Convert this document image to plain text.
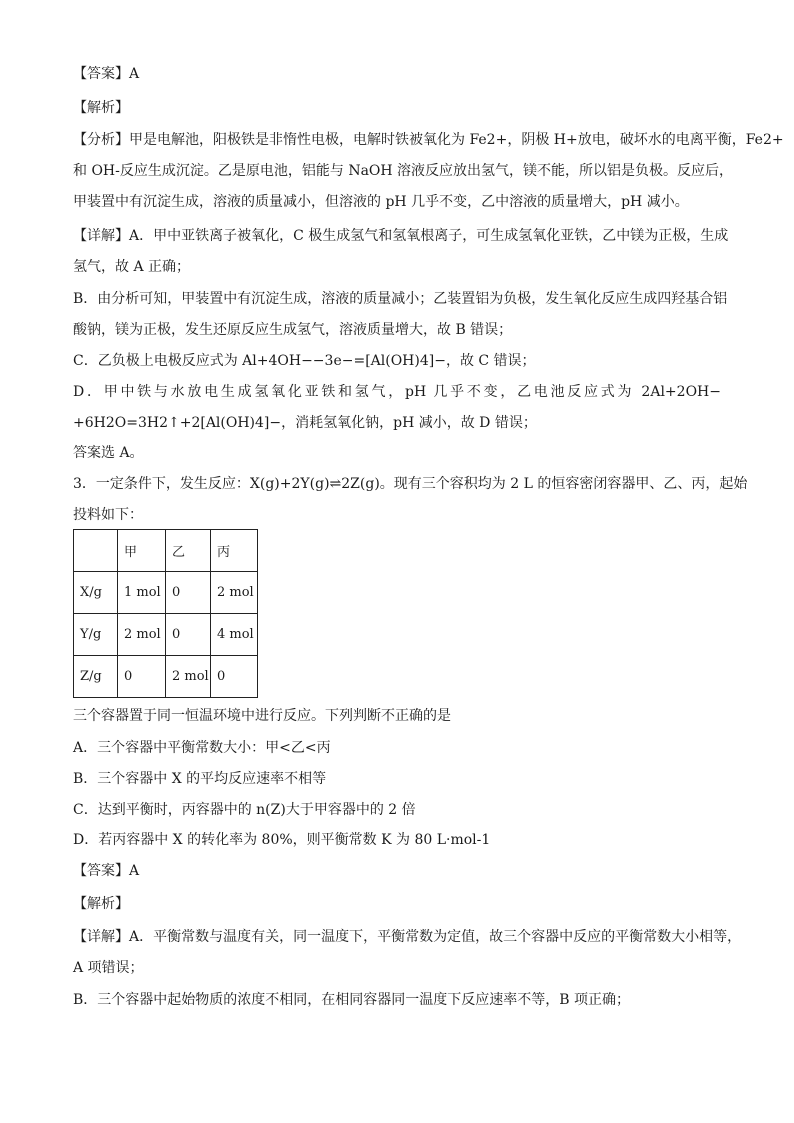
【答案】A
【解析】
【分析】甲是电解池，阳极铁是非惰性电极，电解时铁被氧化为 Fe2+，阴极 H+放电，破坏水的电离平衡，Fe2+
和 OH-反应生成沉淀。乙是原电池，铝能与 NaOH 溶液反应放出氢气，镁不能，所以铝是负极。反应后，
甲装置中有沉淀生成，溶液的质量减小，但溶液的 pH 几乎不变，乙中溶液的质量增大，pH 减小。
【详解】A．甲中亚铁离子被氧化，C 极生成氢气和氢氧根离子，可生成氢氧化亚铁，乙中镁为正极，生成
氢气，故 A 正确；
B．由分析可知，甲装置中有沉淀生成，溶液的质量减小；乙装置铝为负极，发生氧化反应生成四羟基合铝
酸钠，镁为正极，发生还原反应生成氢气，溶液质量增大，故 B 错误；
C．乙负极上电极反应式为 Al+4OH−−3e−=[Al(OH)4]−，故 C 错误；
D．甲中铁与水放电生成氢氧化亚铁和氢气，pH 几乎不变，乙电池反应式为 2Al+2OH−
+6H2O=3H2↑+2[Al(OH)4]−，消耗氢氧化钠，pH 减小，故 D 错误；
答案选 A。
3．一定条件下，发生反应：X(g)+2Y(g)⇌2Z(g)。现有三个容积均为 2 L 的恒容密闭容器甲、乙、丙，起始
投料如下：
	甲	乙	丙
X/g	1 mol	0	2 mol
Y/g	2 mol	0	4 mol
Z/g	0	2 mol	0
三个容器置于同一恒温环境中进行反应。下列判断不正确的是
A．三个容器中平衡常数大小：甲<乙<丙
B．三个容器中 X 的平均反应速率不相等
C．达到平衡时，丙容器中的 n(Z)大于甲容器中的 2 倍
D．若丙容器中 X 的转化率为 80%，则平衡常数 K 为 80 L·mol-1
【答案】A
【解析】
【详解】A．平衡常数与温度有关，同一温度下，平衡常数为定值，故三个容器中反应的平衡常数大小相等，
A 项错误；
B．三个容器中起始物质的浓度不相同，在相同容器同一温度下反应速率不等，B 项正确；
